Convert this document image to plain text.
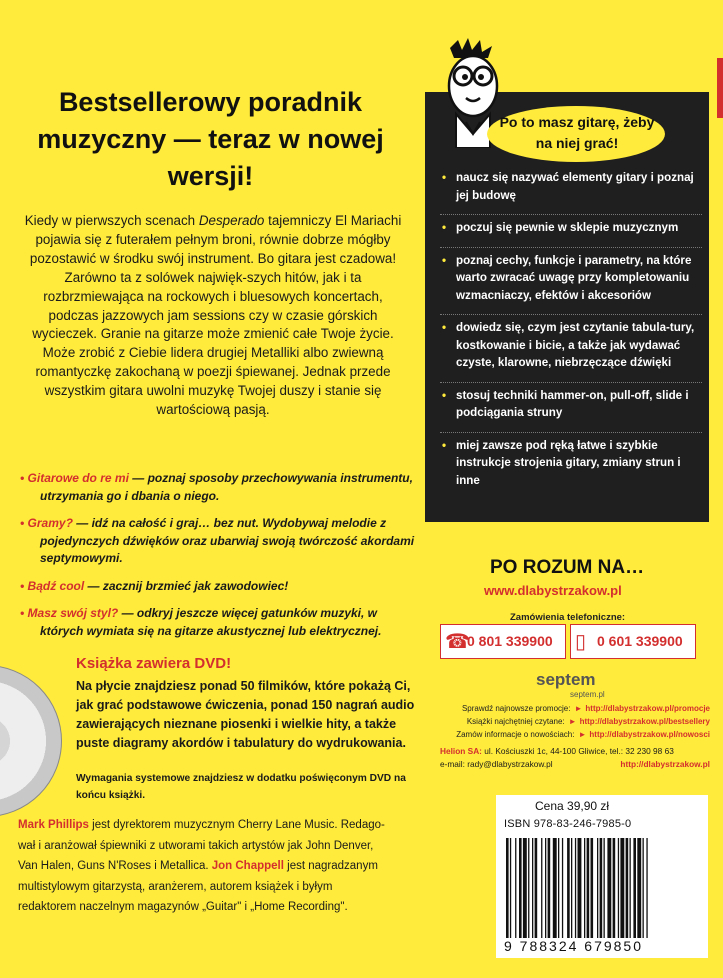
Bestsellerowy poradnik muzyczny — teraz w nowej wersji!
Kiedy w pierwszych scenach Desperado tajemniczy El Mariachi pojawia się z futerałem pełnym broni, równie dobrze mógłby pozostawić w środku swój instrument. Bo gitara jest czadowa! Zarówno ta z solówek najwięk-szych hitów, jak i ta rozbrzmiewająca na rockowych i bluesowych koncertach, podczas jazzowych jam sessions czy w czasie górskich wycieczek. Granie na gitarze może zmienić całe Twoje życie. Może zrobić z Ciebie lidera drugiej Metalliki albo zwiewną romantyczkę zakochaną w poezji śpiewanej. Jednak przede wszystkim gitara uwolni muzykę Twojej duszy i stanie się wartościową pasją.
• Gitarowe do re mi — poznaj sposoby przechowywania instrumentu, utrzymania go i dbania o niego.
• Gramy? — idź na całość i graj… bez nut. Wydobywaj melodie z pojedynczych dźwięków oraz ubarwiaj swoją twórczość akordami septymowymi.
• Bądź cool — zacznij brzmieć jak zawodowiec!
• Masz swój styl? — odkryj jeszcze więcej gatunków muzyki, w których wymiata się na gitarze akustycznej lub elektrycznej.
Książka zawiera DVD!
Na płycie znajdziesz ponad 50 filmików, które pokażą Ci, jak grać podstawowe ćwiczenia, ponad 150 nagrań audio zawierających nieznane piosenki i wielkie hity, a także puste diagramy akordów i tabulatury do wydrukowania.
Wymagania systemowe znajdziesz w dodatku poświęconym DVD na końcu książki.
Mark Phillips jest dyrektorem muzycznym Cherry Lane Music. Redago-wał i aranżował śpiewniki z utworami takich artystów jak John Denver, Van Halen, Guns N'Roses i Metallica. Jon Chappell jest nagradzanym multistylowym gitarzystą, aranżerem, autorem książek i byłym redaktorem naczelnym magazynów „Guitar" i „Home Recording".
Po to masz gitarę, żeby na niej grać!
• naucz się nazywać elementy gitary i poznaj jej budowę
• poczuj się pewnie w sklepie muzycznym
• poznaj cechy, funkcje i parametry, na które warto zwracać uwagę przy kompletowaniu wzmacniaczy, efektów i akcesoriów
• dowiedz się, czym jest czytanie tabula-tury, kostkowanie i bicie, a także jak wydawać czyste, klarowne, niebrzęczące dźwięki
• stosuj techniki hammer-on, pull-off, slide i podciągania struny
• miej zawsze pod ręką łatwe i szybkie instrukcje strojenia gitary, zmiany strun i inne
PO ROZUM NA…
www.dlabystrzakow.pl
Zamówienia telefoniczne:
☎
0 801 339900 ▯ 0 601 339900
septem
septem.pl
Sprawdź najnowsze promocje: ► http://dlabystrzakow.pl/promocje
Książki najchętniej czytane: ► http://dlabystrzakow.pl/bestsellery
Zamów informacje o nowościach: ► http://dlabystrzakow.pl/nowosci
Helion SA: ul. Kościuszki 1c, 44-100 Gliwice, tel.: 32 230 98 63
e-mail: rady@dlabystrzakow.pl	http://dlabystrzakow.pl
Cena 39,90 zł
ISBN 978-83-246-7985-0
9 788324 679850
